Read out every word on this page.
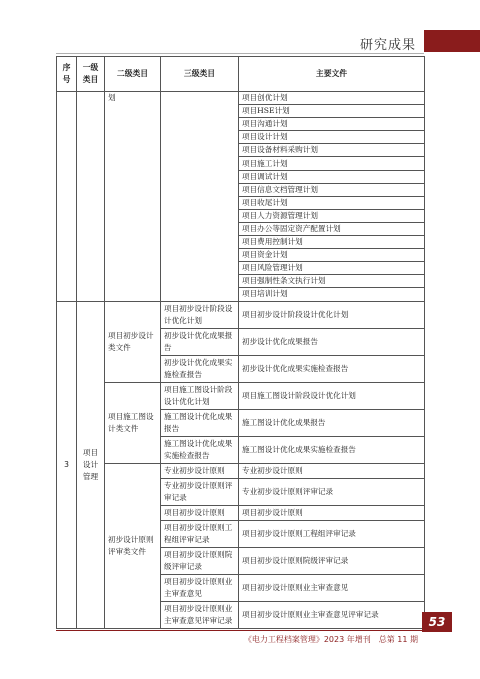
研究成果
序号	一级类目	二级类目	三级类目	主要文件
		划		项目创优计划
				项目HSE计划
				项目沟通计划
				项目设计计划
				项目设备材料采购计划
				项目施工计划
				项目调试计划
				项目信息文档管理计划
				项目收尾计划
				项目人力资源管理计划
				项目办公等固定资产配置计划
				项目费用控制计划
				项目资金计划
				项目风险管理计划
				项目强制性条文执行计划
				项目培训计划
3	项目设计管理	项目初步设计类文件	项目初步设计阶段设计优化计划	项目初步设计阶段设计优化计划
			初步设计优化成果报告	初步设计优化成果报告
			初步设计优化成果实施检查报告	初步设计优化成果实施检查报告
		项目施工图设计类文件	项目施工图设计阶段设计优化计划	项目施工图设计阶段设计优化计划
			施工图设计优化成果报告	施工图设计优化成果报告
			施工图设计优化成果实施检查报告	施工图设计优化成果实施检查报告
		初步设计原则评审类文件	专业初步设计原则	专业初步设计原则
			专业初步设计原则评审记录	专业初步设计原则评审记录
			项目初步设计原则	项目初步设计原则
			项目初步设计原则工程组评审记录	项目初步设计原则工程组评审记录
			项目初步设计原则院级评审记录	项目初步设计原则院级评审记录
			项目初步设计原则业主审查意见	项目初步设计原则业主审查意见
			项目初步设计原则业主审查意见评审记录	项目初步设计原则业主审查意见评审记录
《电力工程档案管理》2023 年增刊　总第 11 期
53
